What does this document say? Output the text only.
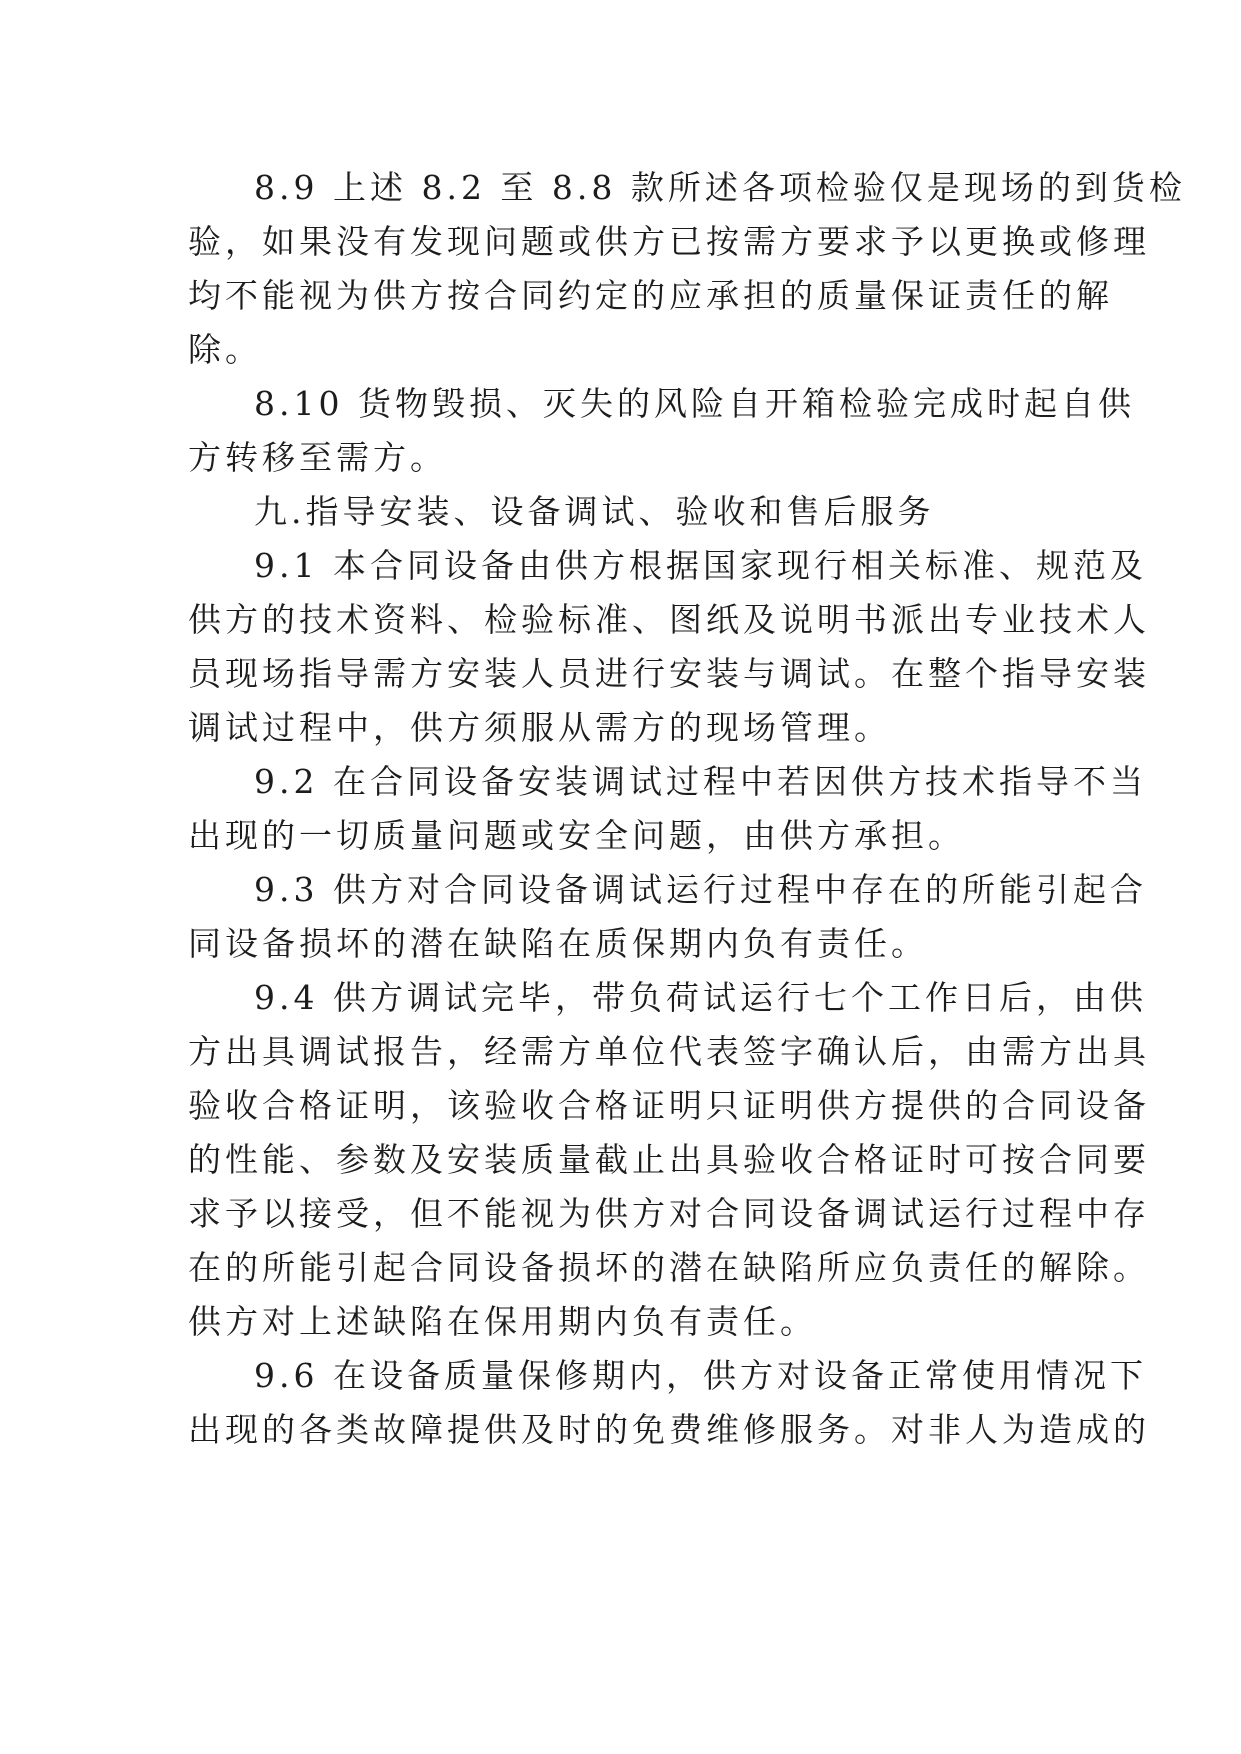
8.9 上述 8.2 至 8.8 款所述各项检验仅是现场的到货检
验，如果没有发现问题或供方已按需方要求予以更换或修理
均不能视为供方按合同约定的应承担的质量保证责任的解
除。
8.10 货物毁损、灭失的风险自开箱检验完成时起自供
方转移至需方。
九.指导安装、设备调试、验收和售后服务
9.1 本合同设备由供方根据国家现行相关标准、规范及
供方的技术资料、检验标准、图纸及说明书派出专业技术人
员现场指导需方安装人员进行安装与调试。在整个指导安装
调试过程中，供方须服从需方的现场管理。
9.2 在合同设备安装调试过程中若因供方技术指导不当
出现的一切质量问题或安全问题，由供方承担。
9.3 供方对合同设备调试运行过程中存在的所能引起合
同设备损坏的潜在缺陷在质保期内负有责任。
9.4 供方调试完毕，带负荷试运行七个工作日后，由供
方出具调试报告，经需方单位代表签字确认后，由需方出具
验收合格证明，该验收合格证明只证明供方提供的合同设备
的性能、参数及安装质量截止出具验收合格证时可按合同要
求予以接受，但不能视为供方对合同设备调试运行过程中存
在的所能引起合同设备损坏的潜在缺陷所应负责任的解除。
供方对上述缺陷在保用期内负有责任。
9.6 在设备质量保修期内，供方对设备正常使用情况下
出现的各类故障提供及时的免费维修服务。对非人为造成的
